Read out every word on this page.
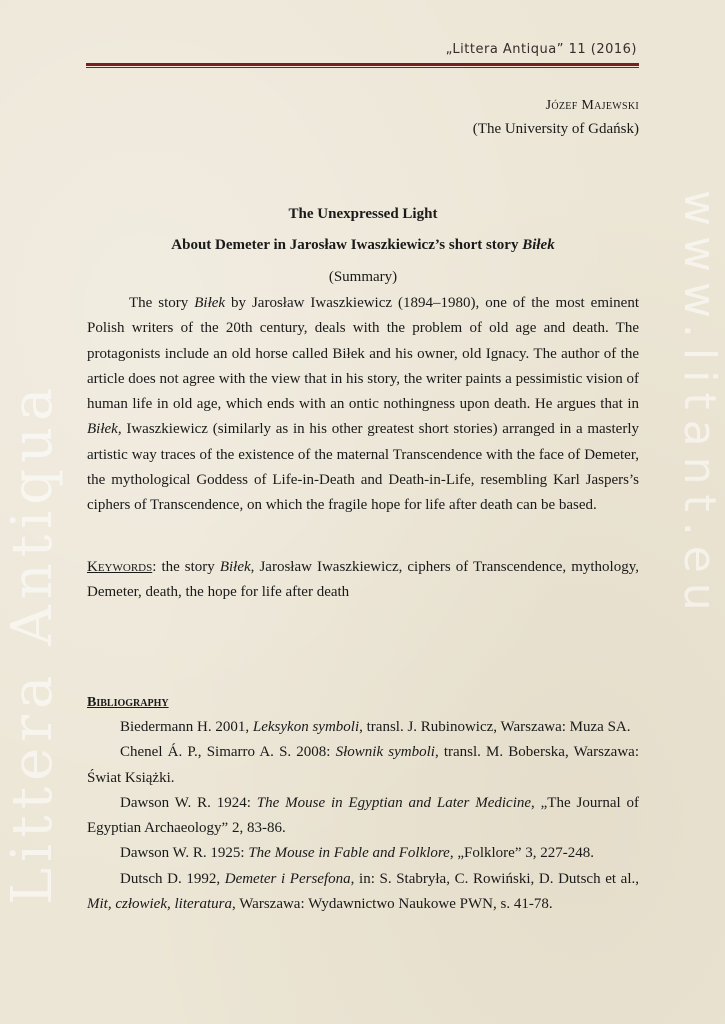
Littera Antiqua	www.litant.eu
„Littera Antiqua” 11 (2016)
Józef Majewski
(The University of Gdańsk)
The Unexpressed Light
About Demeter in Jarosław Iwaszkiewicz’s short story Biłek
(Summary)

The story Biłek by Jarosław Iwaszkiewicz (1894–1980), one of the most eminent Polish writers of the 20th century, deals with the problem of old age and death. The protagonists include an old horse called Biłek and his owner, old Ignacy. The author of the article does not agree with the view that in his story, the writer paints a pessimistic vision of human life in old age, which ends with an ontic nothingness upon death. He argues that in Biłek, Iwaszkiewicz (similarly as in his other greatest short stories) arranged in a masterly artistic way traces of the existence of the maternal Transcendence with the face of Demeter, the mythological Goddess of Life-in-Death and Death-in-Life, resembling Karl Jaspers’s ciphers of Transcendence, on which the fragile hope for life after death can be based.

Keywords: the story Biłek, Jarosław Iwaszkiewicz, ciphers of Transcendence, mythology, Demeter, death, the hope for life after death

Bibliography
Biedermann H. 2001, Leksykon symboli, transl. J. Rubinowicz, Warszawa: Muza SA.
Chenel Á. P., Simarro A. S. 2008: Słownik symboli, transl. M. Boberska, Warszawa: Świat Książki.
Dawson W. R. 1924: The Mouse in Egyptian and Later Medicine, „The Journal of Egyptian Archaeology” 2, 83-86.
Dawson W. R. 1925: The Mouse in Fable and Folklore, „Folklore” 3, 227-248.
Dutsch D. 1992, Demeter i Persefona, in: S. Stabryła, C. Rowiński, D. Dutsch et al., Mit, człowiek, literatura, Warszawa: Wydawnictwo Naukowe PWN, s. 41-78.
